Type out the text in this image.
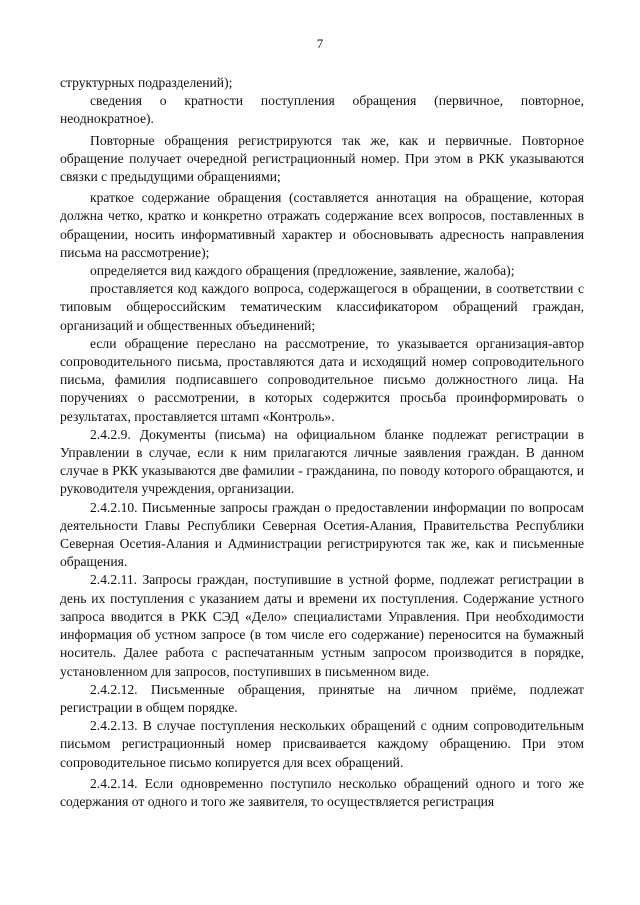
7

структурных подразделений);

сведения о кратности поступления обращения (первичное, повторное, неоднократное).

Повторные обращения регистрируются так же, как и первичные. Повторное обращение получает очередной регистрационный номер. При этом в РКК указываются связки с предыдущими обращениями;

краткое содержание обращения (составляется аннотация на обращение, которая должна четко, кратко и конкретно отражать содержание всех вопросов, поставленных в обращении, носить информативный характер и обосновывать адресность направления письма на рассмотрение);

определяется вид каждого обращения (предложение, заявление, жалоба);

проставляется код каждого вопроса, содержащегося в обращении, в соответствии с типовым общероссийским тематическим классификатором обращений граждан, организаций и общественных объединений;

если обращение переслано на рассмотрение, то указывается организация-автор сопроводительного письма, проставляются дата и исходящий номер сопроводительного письма, фамилия подписавшего сопроводительное письмо должностного лица. На поручениях о рассмотрении, в которых содержится просьба проинформировать о результатах, проставляется штамп «Контроль».

2.4.2.9. Документы (письма) на официальном бланке подлежат регистрации в Управлении в случае, если к ним прилагаются личные заявления граждан. В данном случае в РКК указываются две фамилии - гражданина, по поводу которого обращаются, и руководителя учреждения, организации.

2.4.2.10. Письменные запросы граждан о предоставлении информации по вопросам деятельности Главы Республики Северная Осетия-Алания, Правительства Республики Северная Осетия-Алания и Администрации регистрируются так же, как и письменные обращения.

2.4.2.11. Запросы граждан, поступившие в устной форме, подлежат регистрации в день их поступления с указанием даты и времени их поступления. Содержание устного запроса вводится в РКК СЭД «Дело» специалистами Управления. При необходимости информация об устном запросе (в том числе его содержание) переносится на бумажный носитель. Далее работа с распечатанным устным запросом производится в порядке, установленном для запросов, поступивших в письменном виде.

2.4.2.12. Письменные обращения, принятые на личном приёме, подлежат регистрации в общем порядке.

2.4.2.13. В случае поступления нескольких обращений с одним сопроводительным письмом регистрационный номер присваивается каждому обращению. При этом сопроводительное письмо копируется для всех обращений.

2.4.2.14. Если одновременно поступило несколько обращений одного и того же содержания от одного и того же заявителя, то осуществляется регистрация
